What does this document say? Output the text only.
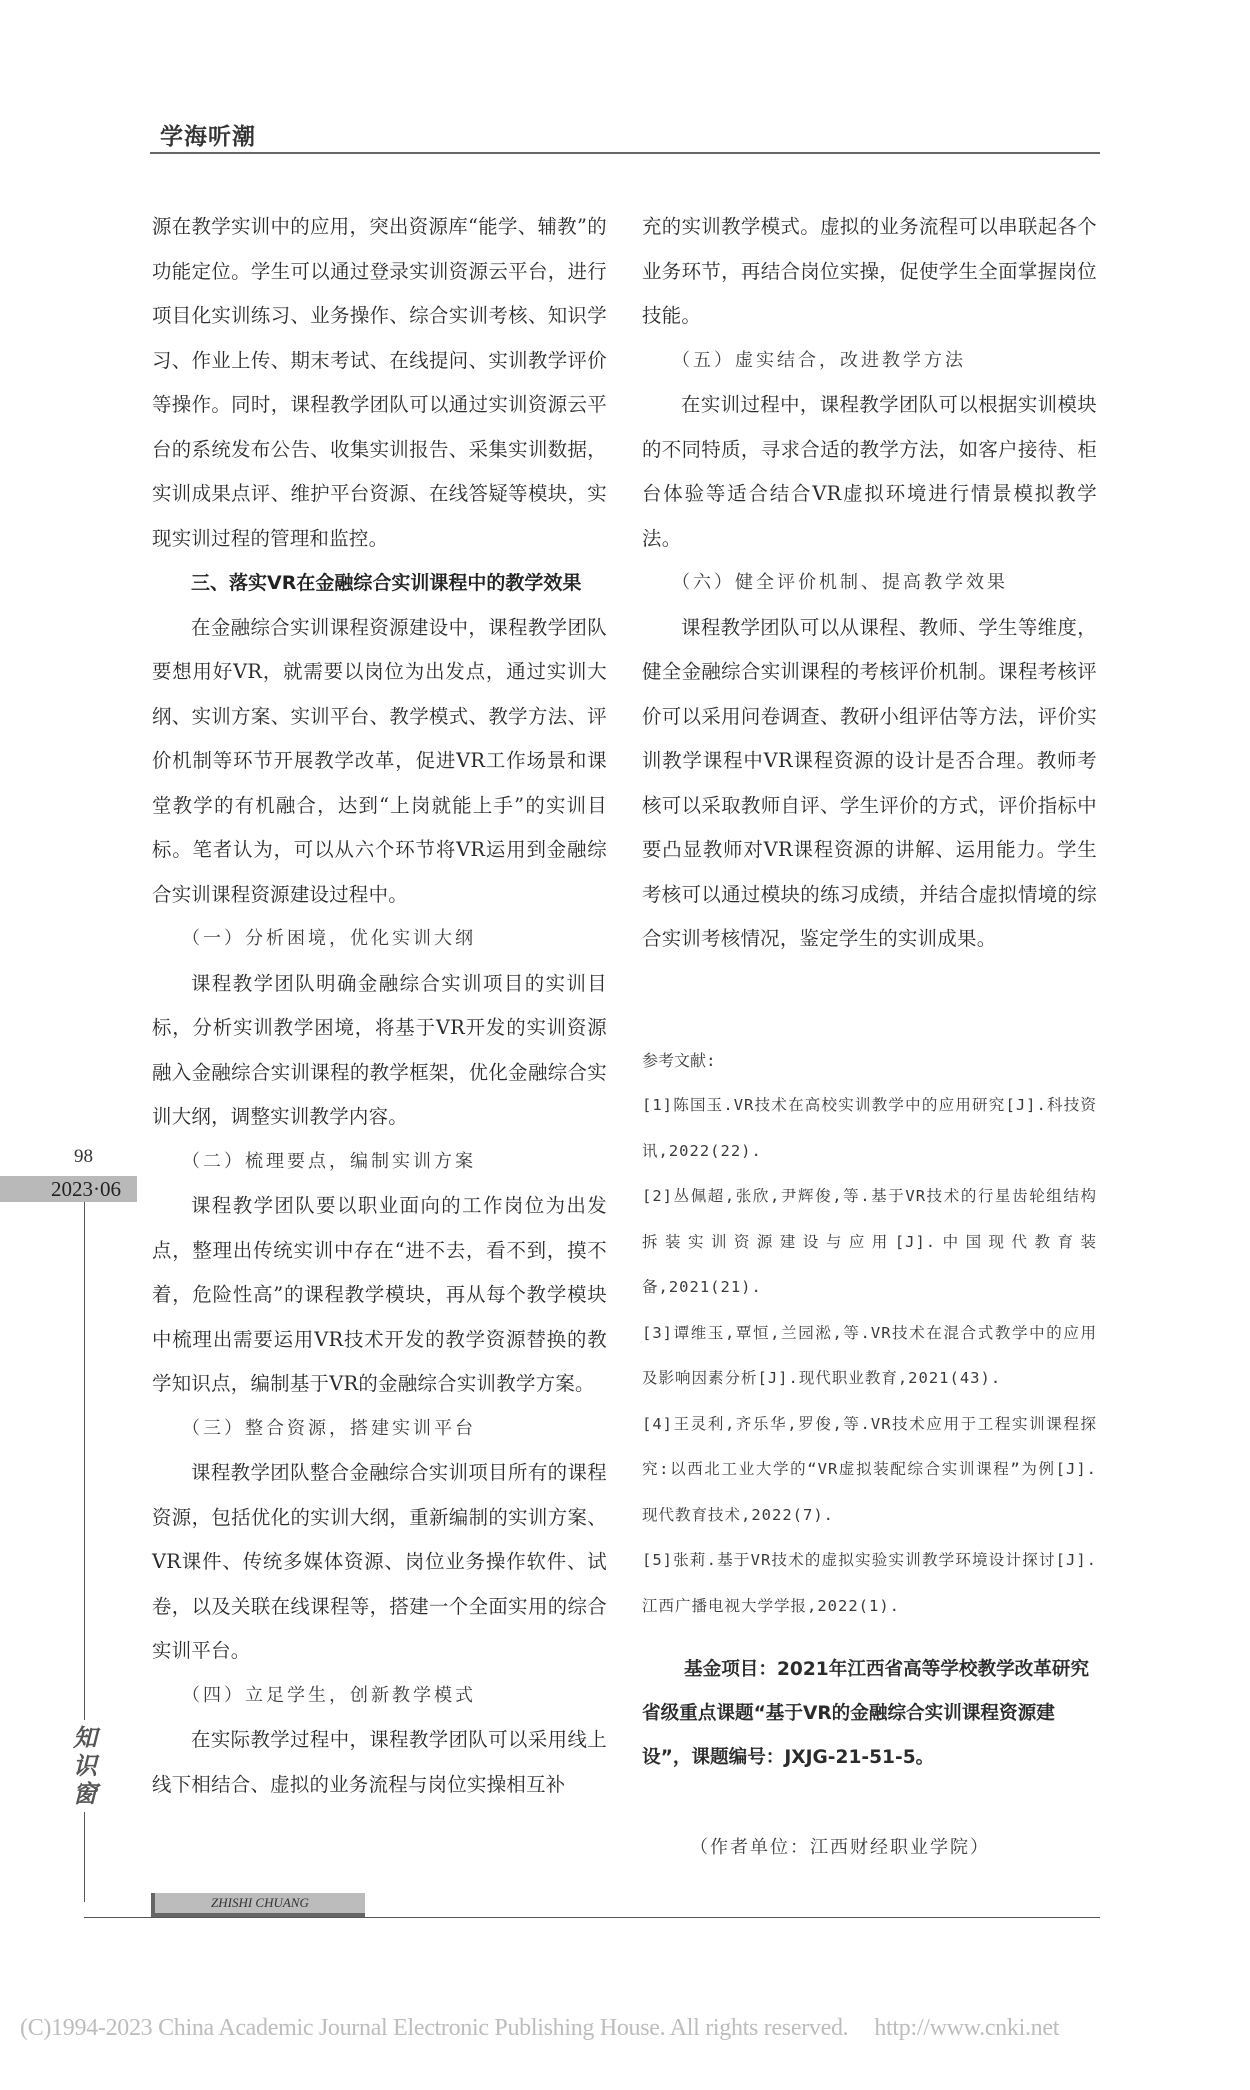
学海听潮

源在教学实训中的应用，突出资源库“能学、辅教”的功能定位。学生可以通过登录实训资源云平台，进行项目化实训练习、业务操作、综合实训考核、知识学习、作业上传、期末考试、在线提问、实训教学评价等操作。同时，课程教学团队可以通过实训资源云平台的系统发布公告、收集实训报告、采集实训数据，实训成果点评、维护平台资源、在线答疑等模块，实现实训过程的管理和监控。

三、落实VR在金融综合实训课程中的教学效果

在金融综合实训课程资源建设中，课程教学团队要想用好VR，就需要以岗位为出发点，通过实训大纲、实训方案、实训平台、教学模式、教学方法、评价机制等环节开展教学改革，促进VR工作场景和课堂教学的有机融合，达到“上岗就能上手”的实训目标。笔者认为，可以从六个环节将VR运用到金融综合实训课程资源建设过程中。

（一）分析困境，优化实训大纲

课程教学团队明确金融综合实训项目的实训目标，分析实训教学困境，将基于VR开发的实训资源融入金融综合实训课程的教学框架，优化金融综合实训大纲，调整实训教学内容。

（二）梳理要点，编制实训方案

课程教学团队要以职业面向的工作岗位为出发点，整理出传统实训中存在“进不去，看不到，摸不着，危险性高”的课程教学模块，再从每个教学模块中梳理出需要运用VR技术开发的教学资源替换的教学知识点，编制基于VR的金融综合实训教学方案。

（三）整合资源，搭建实训平台

课程教学团队整合金融综合实训项目所有的课程资源，包括优化的实训大纲，重新编制的实训方案、VR课件、传统多媒体资源、岗位业务操作软件、试卷，以及关联在线课程等，搭建一个全面实用的综合实训平台。

（四）立足学生，创新教学模式

在实际教学过程中，课程教学团队可以采用线上线下相结合、虚拟的业务流程与岗位实操相互补

充的实训教学模式。虚拟的业务流程可以串联起各个业务环节，再结合岗位实操，促使学生全面掌握岗位技能。

（五）虚实结合，改进教学方法

在实训过程中，课程教学团队可以根据实训模块的不同特质，寻求合适的教学方法，如客户接待、柜台体验等适合结合VR虚拟环境进行情景模拟教学法。

（六）健全评价机制、提高教学效果

课程教学团队可以从课程、教师、学生等维度，健全金融综合实训课程的考核评价机制。课程考核评价可以采用问卷调查、教研小组评估等方法，评价实训教学课程中VR课程资源的设计是否合理。教师考核可以采取教师自评、学生评价的方式，评价指标中要凸显教师对VR课程资源的讲解、运用能力。学生考核可以通过模块的练习成绩，并结合虚拟情境的综合实训考核情况，鉴定学生的实训成果。

参考文献:

[1]陈国玉.VR技术在高校实训教学中的应用研究[J].科技资讯,2022(22).

[2]丛佩超,张欣,尹辉俊,等.基于VR技术的行星齿轮组结构拆装实训资源建设与应用[J].中国现代教育装备,2021(21).

[3]谭维玉,覃恒,兰园淞,等.VR技术在混合式教学中的应用及影响因素分析[J].现代职业教育,2021(43).

[4]王灵利,齐乐华,罗俊,等.VR技术应用于工程实训课程探究:以西北工业大学的“VR虚拟装配综合实训课程”为例[J].现代教育技术,2022(7).

[5]张莉.基于VR技术的虚拟实验实训教学环境设计探讨[J].江西广播电视大学学报,2022(1).

基金项目：2021年江西省高等学校教学改革研究省级重点课题“基于VR的金融综合实训课程资源建设”，课题编号：JXJG-21-51-5。

（作者单位：江西财经职业学院）
98
2023·06
知识窗
ZHISHI CHUANG
(C)1994-2023 China Academic Journal Electronic Publishing House. All rights reserved. http://www.cnki.net
